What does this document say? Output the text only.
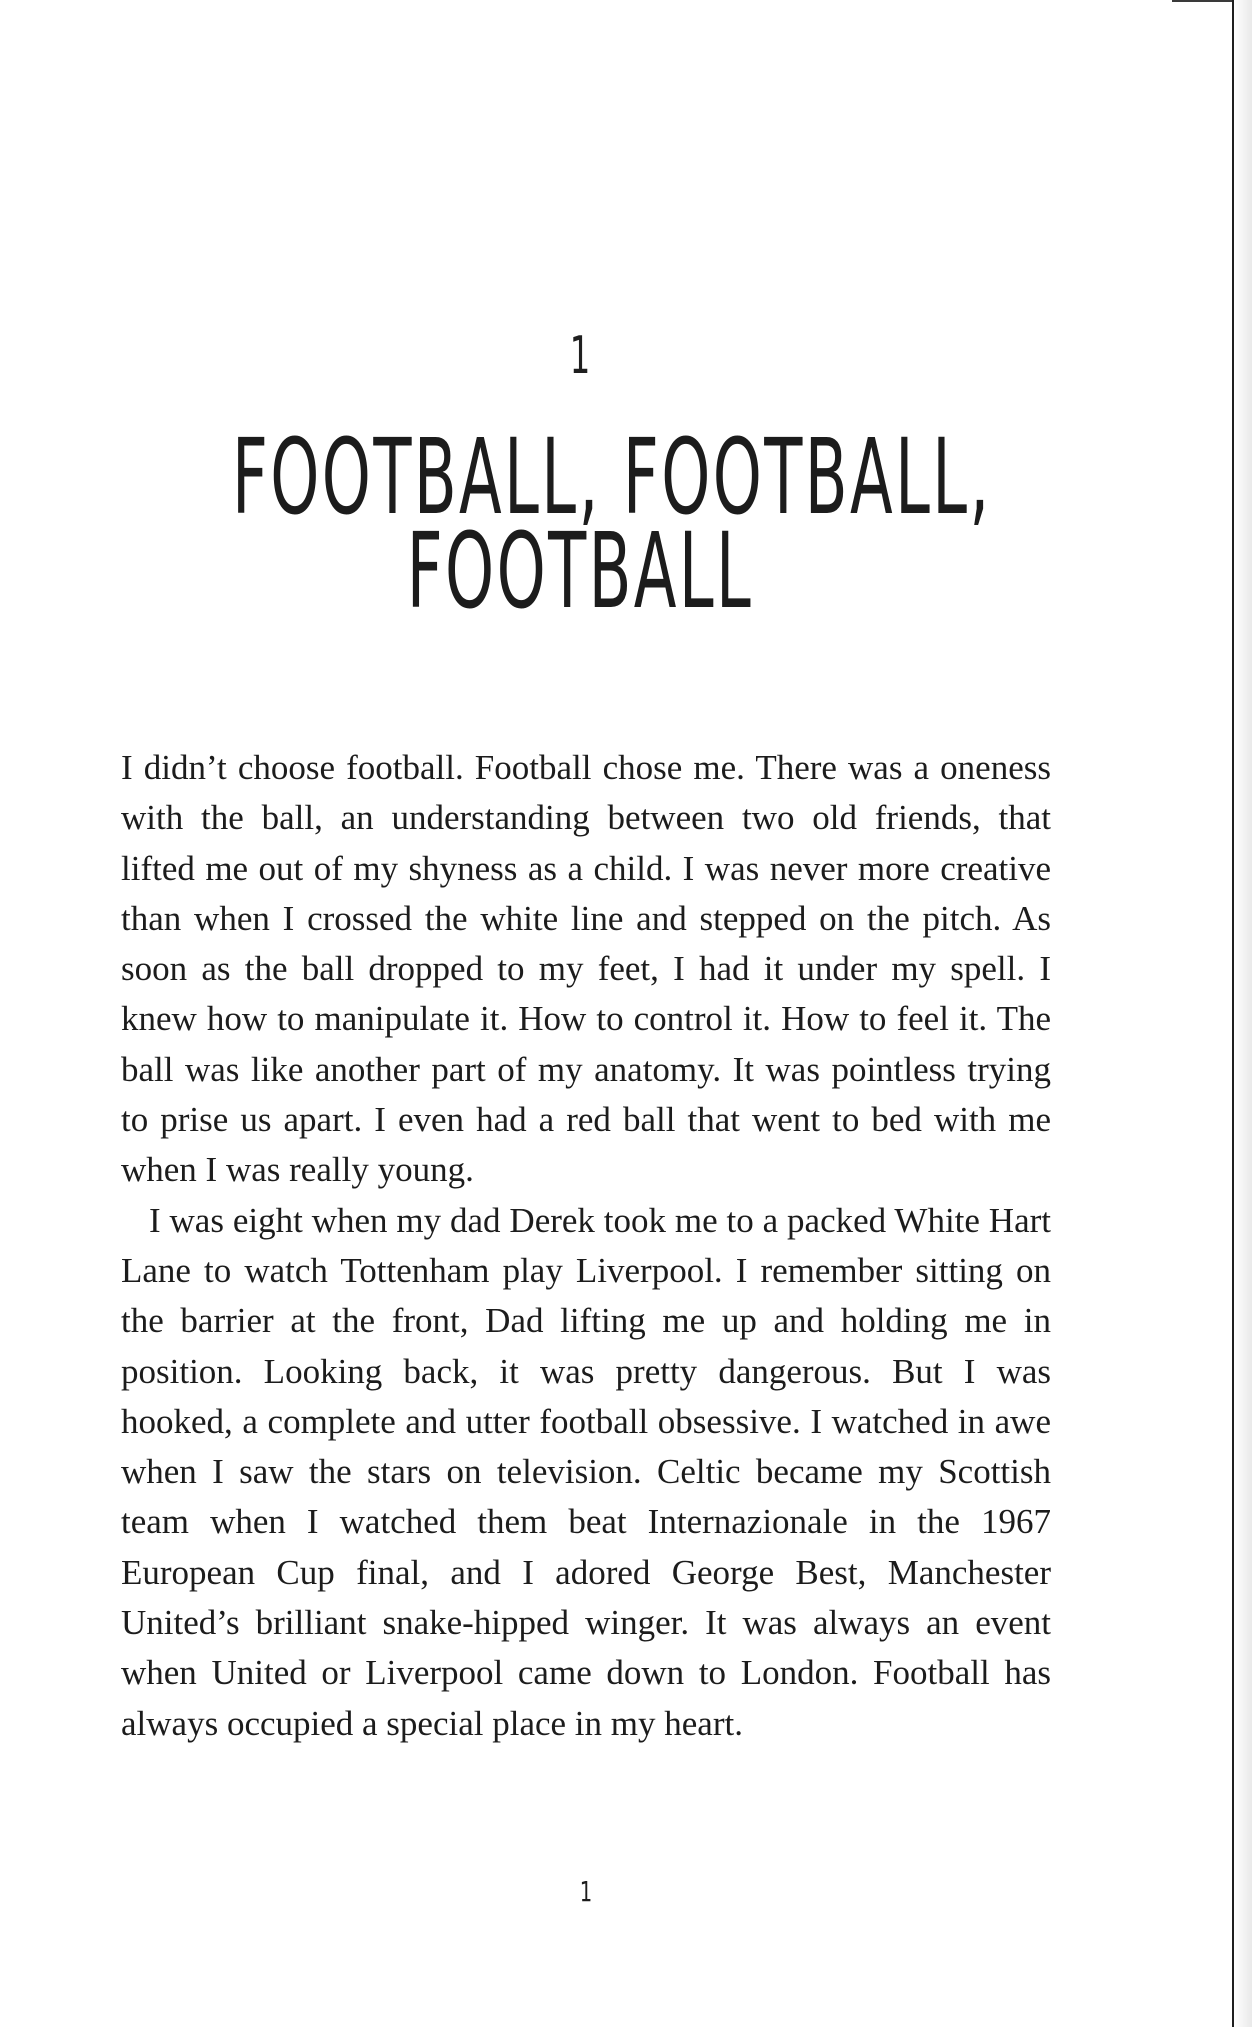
1
FOOTBALL, FOOTBALL,
FOOTBALL

I didn’t choose football. Football chose me. There was a oneness with the ball, an understanding between two old friends, that lifted me out of my shyness as a child. I was never more creative than when I crossed the white line and stepped on the pitch. As soon as the ball dropped to my feet, I had it under my spell. I knew how to manipulate it. How to control it. How to feel it. The ball was like another part of my anatomy. It was pointless trying to prise us apart. I even had a red ball that went to bed with me when I was really young.

I was eight when my dad Derek took me to a packed White Hart Lane to watch Tottenham play Liverpool. I remember sitting on the barrier at the front, Dad lifting me up and holding me in position. Looking back, it was pretty dangerous. But I was hooked, a complete and utter football obsessive. I watched in awe when I saw the stars on television. Celtic became my Scottish team when I watched them beat Internazionale in the 1967 European Cup final, and I adored George Best, Manchester United’s brilliant snake-hipped winger. It was always an event when United or Liverpool came down to London. Football has always occupied a special place in my heart.

1
